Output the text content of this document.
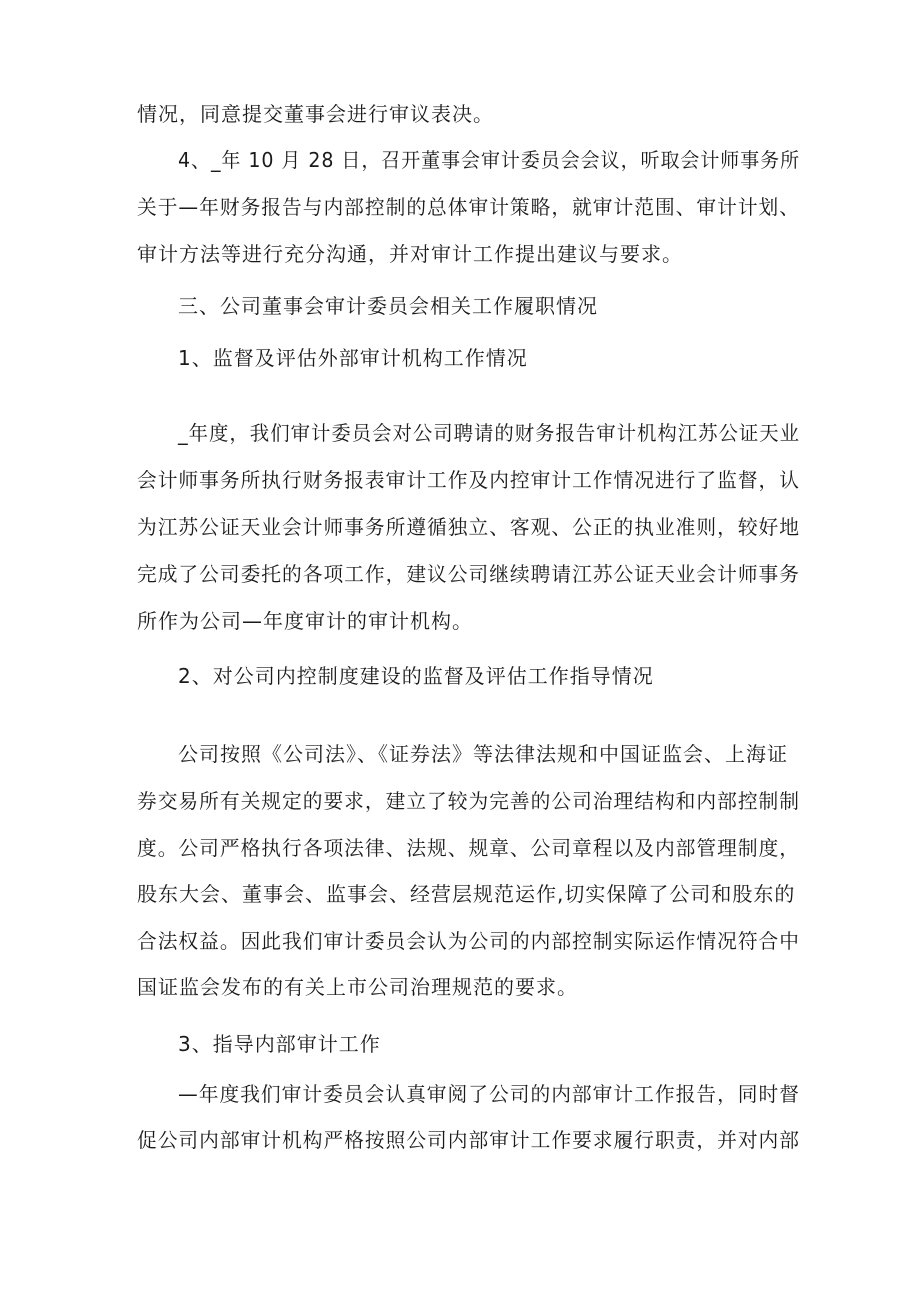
情况，同意提交董事会进行审议表决。
4、_年 10 月 28 日，召开董事会审计委员会会议，听取会计师事务所
关于—年财务报告与内部控制的总体审计策略，就审计范围、审计计划、
审计方法等进行充分沟通，并对审计工作提出建议与要求。
三、公司董事会审计委员会相关工作履职情况
1、监督及评估外部审计机构工作情况
_年度，我们审计委员会对公司聘请的财务报告审计机构江苏公证天业
会计师事务所执行财务报表审计工作及内控审计工作情况进行了监督，认
为江苏公证天业会计师事务所遵循独立、客观、公正的执业准则，较好地
完成了公司委托的各项工作，建议公司继续聘请江苏公证天业会计师事务
所作为公司—年度审计的审计机构。
2、对公司内控制度建设的监督及评估工作指导情况
公司按照《公司法》、《证券法》等法律法规和中国证监会、上海证
券交易所有关规定的要求，建立了较为完善的公司治理结构和内部控制制
度。公司严格执行各项法律、法规、规章、公司章程以及内部管理制度，
股东大会、董事会、监事会、经营层规范运作,切实保障了公司和股东的
合法权益。因此我们审计委员会认为公司的内部控制实际运作情况符合中
国证监会发布的有关上市公司治理规范的要求。
3、指导内部审计工作
—年度我们审计委员会认真审阅了公司的内部审计工作报告，同时督
促公司内部审计机构严格按照公司内部审计工作要求履行职责，并对内部
